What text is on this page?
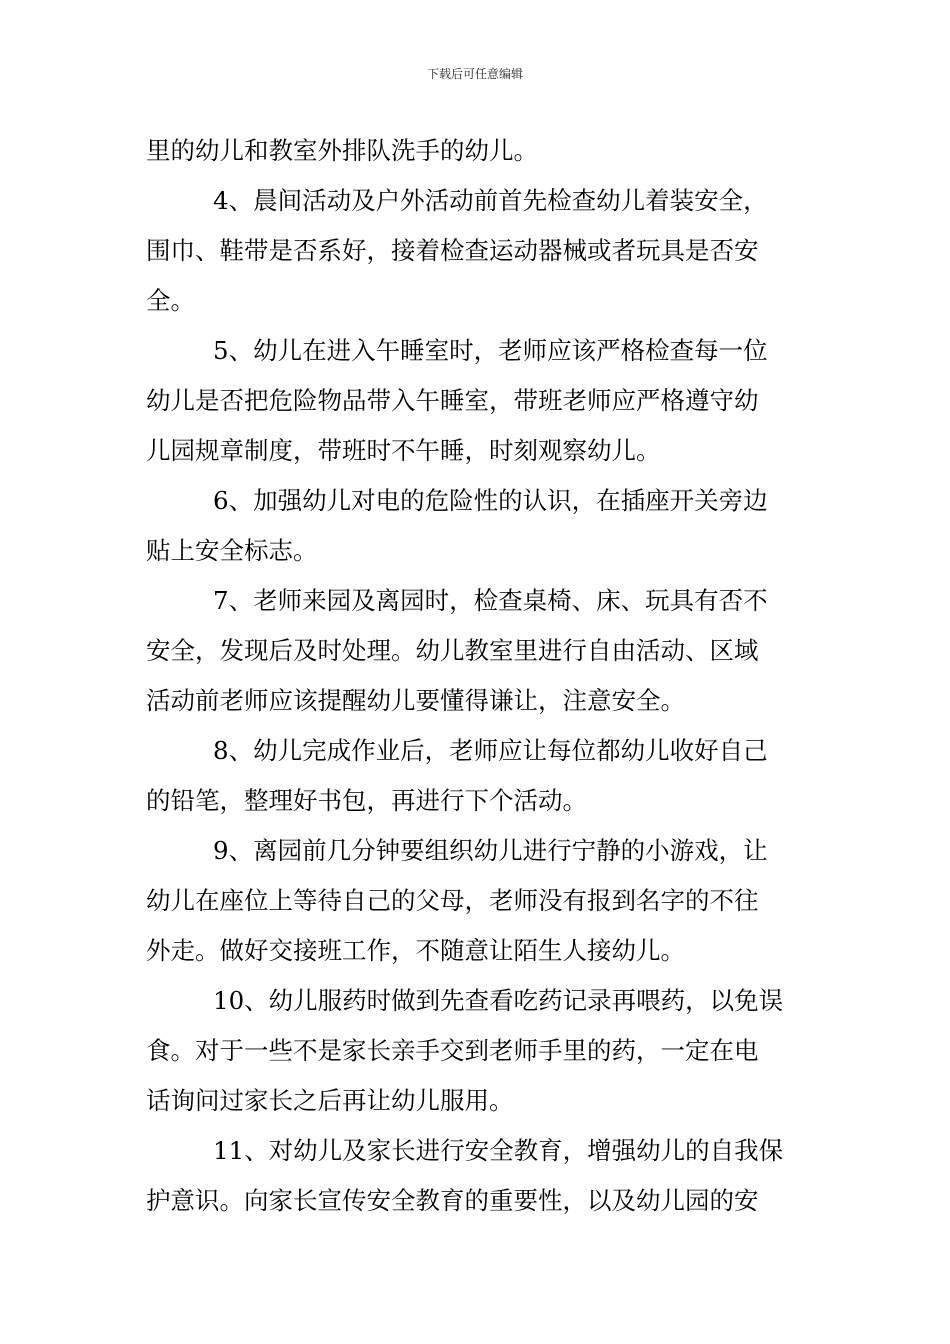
下载后可任意编辑
里的幼儿和教室外排队洗手的幼儿。
4、晨间活动及户外活动前首先检查幼儿着装安全，
围巾、鞋带是否系好，接着检查运动器械或者玩具是否安
全。
5、幼儿在进入午睡室时，老师应该严格检查每一位
幼儿是否把危险物品带入午睡室，带班老师应严格遵守幼
儿园规章制度，带班时不午睡，时刻观察幼儿。
6、加强幼儿对电的危险性的认识，在插座开关旁边
贴上安全标志。
7、老师来园及离园时，检查桌椅、床、玩具有否不
安全，发现后及时处理。幼儿教室里进行自由活动、区域
活动前老师应该提醒幼儿要懂得谦让，注意安全。
8、幼儿完成作业后，老师应让每位都幼儿收好自己
的铅笔，整理好书包，再进行下个活动。
9、离园前几分钟要组织幼儿进行宁静的小游戏，让
幼儿在座位上等待自己的父母，老师没有报到名字的不往
外走。做好交接班工作，不随意让陌生人接幼儿。
10、幼儿服药时做到先查看吃药记录再喂药，以免误
食。对于一些不是家长亲手交到老师手里的药，一定在电
话询问过家长之后再让幼儿服用。
11、对幼儿及家长进行安全教育，增强幼儿的自我保
护意识。向家长宣传安全教育的重要性，以及幼儿园的安
